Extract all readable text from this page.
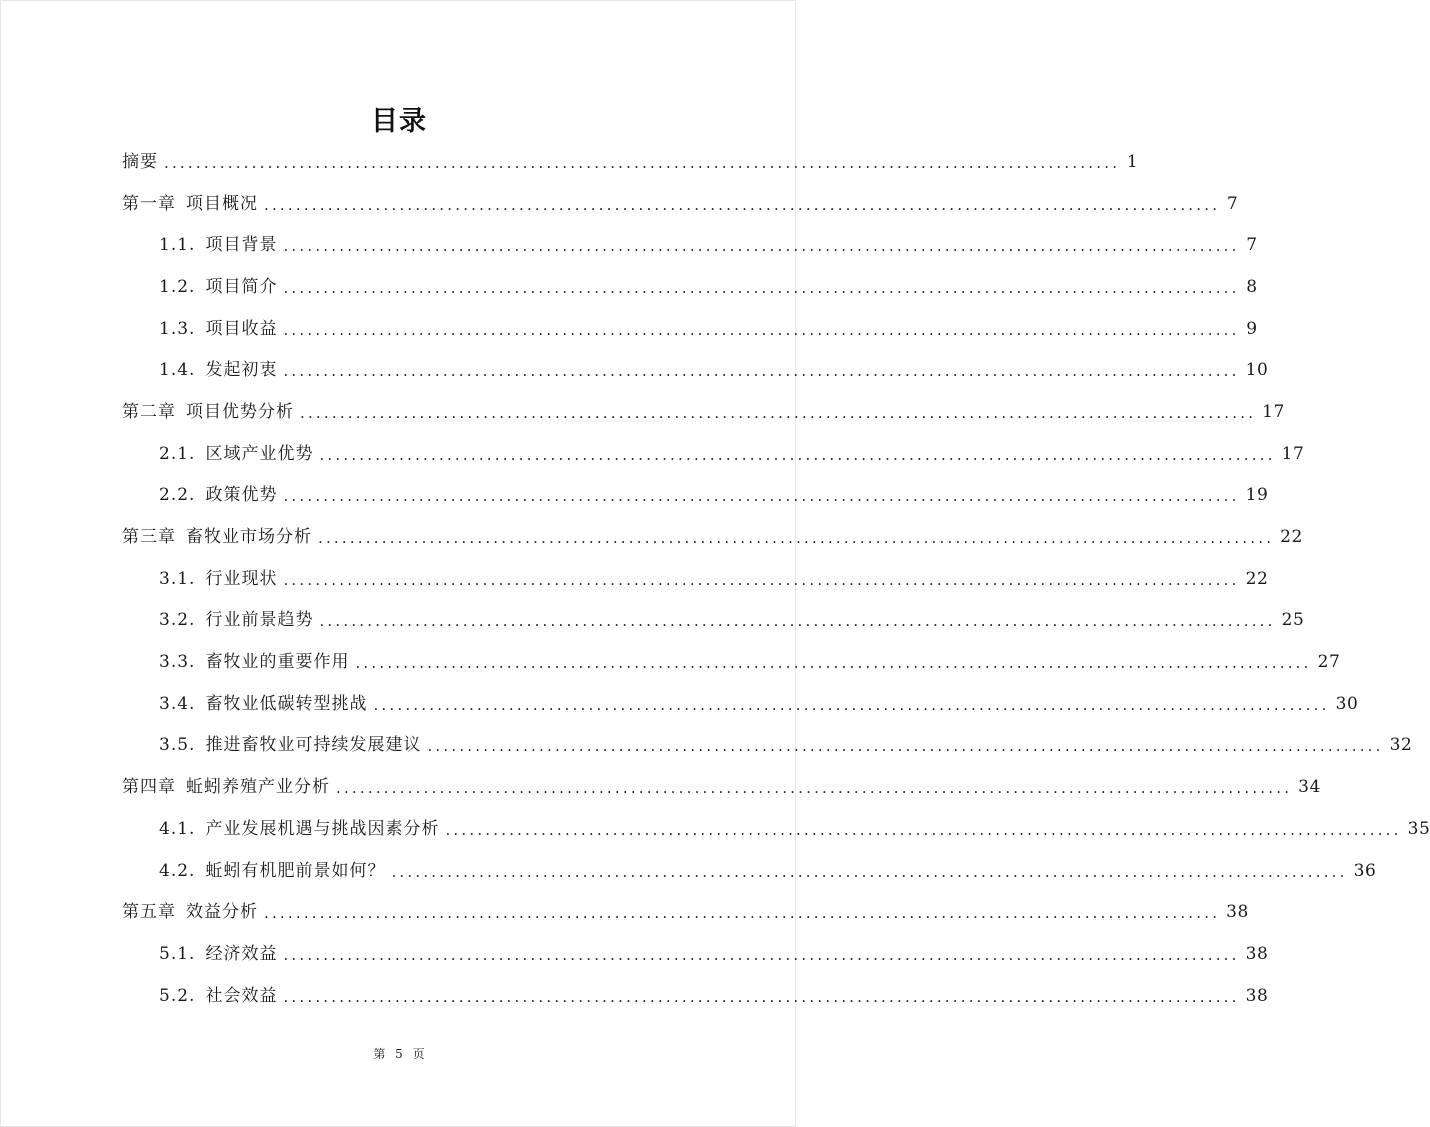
目录
摘要 ........................................................................................................................ 1
第一章 项目概况 ........................................................................................................................ 7
1.1. 项目背景 ........................................................................................................................ 7
1.2. 项目简介 ........................................................................................................................ 8
1.3. 项目收益 ........................................................................................................................ 9
1.4. 发起初衷 ........................................................................................................................ 10
第二章 项目优势分析 ........................................................................................................................ 17
2.1. 区域产业优势 ........................................................................................................................ 17
2.2. 政策优势 ........................................................................................................................ 19
第三章 畜牧业市场分析 ........................................................................................................................ 22
3.1. 行业现状 ........................................................................................................................ 22
3.2. 行业前景趋势 ........................................................................................................................ 25
3.3. 畜牧业的重要作用 ........................................................................................................................ 27
3.4. 畜牧业低碳转型挑战 ........................................................................................................................ 30
3.5. 推进畜牧业可持续发展建议 ........................................................................................................................ 32
第四章 蚯蚓养殖产业分析 ........................................................................................................................ 34
4.1. 产业发展机遇与挑战因素分析 ........................................................................................................................ 35
4.2. 蚯蚓有机肥前景如何？ ........................................................................................................................ 36
第五章 效益分析 ........................................................................................................................ 38
5.1. 经济效益 ........................................................................................................................ 38
5.2. 社会效益 ........................................................................................................................ 38
第 5 页
